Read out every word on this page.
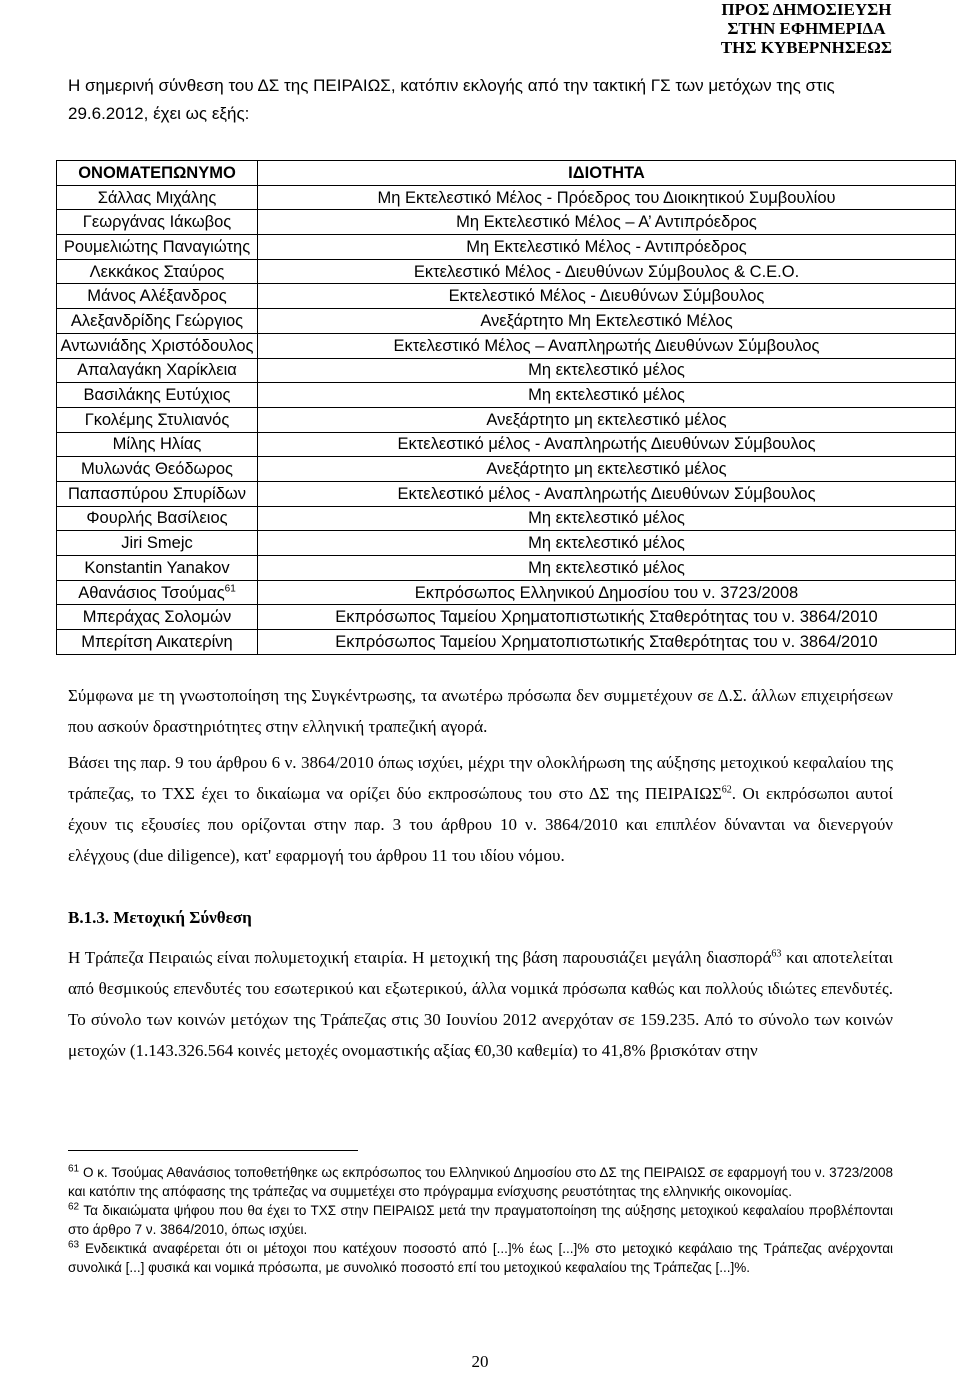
ΠΡΟΣ ΔΗΜΟΣΙΕΥΣΗ
ΣΤΗΝ ΕΦΗΜΕΡΙΔΑ
ΤΗΣ ΚΥΒΕΡΝΗΣΕΩΣ
Η σημερινή σύνθεση του ΔΣ της ΠΕΙΡΑΙΩΣ, κατόπιν εκλογής από την τακτική ΓΣ των μετόχων της στις 29.6.2012, έχει ως εξής:
ΟΝΟΜΑΤΕΠΩΝΥΜΟ	ΙΔΙΟΤΗΤΑ
Σάλλας Μιχάλης	Μη Εκτελεστικό Μέλος - Πρόεδρος του Διοικητικού Συμβουλίου
Γεωργάνας Ιάκωβος	Μη Εκτελεστικό Μέλος – Α’ Αντιπρόεδρος
Ρουμελιώτης Παναγιώτης	Μη Εκτελεστικό Μέλος - Αντιπρόεδρος
Λεκκάκος Σταύρος	Εκτελεστικό Μέλος - Διευθύνων Σύμβουλος & C.E.O.
Μάνος Αλέξανδρος	Εκτελεστικό Μέλος - Διευθύνων Σύμβουλος
Αλεξανδρίδης Γεώργιος	Ανεξάρτητο Μη Εκτελεστικό Μέλος
Αντωνιάδης Χριστόδουλος	Εκτελεστικό Μέλος – Αναπληρωτής Διευθύνων Σύμβουλος
Απαλαγάκη Χαρίκλεια	Μη εκτελεστικό μέλος
Βασιλάκης Ευτύχιος	Μη εκτελεστικό μέλος
Γκολέμης Στυλιανός	Ανεξάρτητο μη εκτελεστικό μέλος
Μίλης Ηλίας	Εκτελεστικό μέλος - Αναπληρωτής Διευθύνων Σύμβουλος
Μυλωνάς Θεόδωρος	Ανεξάρτητο μη εκτελεστικό μέλος
Παπασπύρου Σπυρίδων	Εκτελεστικό μέλος - Αναπληρωτής Διευθύνων Σύμβουλος
Φουρλής Βασίλειος	Μη εκτελεστικό μέλος
Jiri Smejc	Μη εκτελεστικό μέλος
Konstantin Yanakov	Μη εκτελεστικό μέλος
Αθανάσιος Τσούμας$^{61}$	Εκπρόσωπος Ελληνικού Δημοσίου του ν. 3723/2008
Μπεράχας Σολομών	Εκπρόσωπος Ταμείου Χρηματοπιστωτικής Σταθερότητας του ν. 3864/2010
Μπερίτση Αικατερίνη	Εκπρόσωπος Ταμείου Χρηματοπιστωτικής Σταθερότητας του ν. 3864/2010
Σύμφωνα με τη γνωστοποίηση της Συγκέντρωσης, τα ανωτέρω πρόσωπα δεν συμμετέχουν σε Δ.Σ. άλλων επιχειρήσεων που ασκούν δραστηριότητες στην ελληνική τραπεζική αγορά.
Βάσει της παρ. 9 του άρθρου 6 ν. 3864/2010 όπως ισχύει, μέχρι την ολοκλήρωση της αύξησης μετοχικού κεφαλαίου της τράπεζας, το ΤΧΣ έχει το δικαίωμα να ορίζει δύο εκπροσώπους του στο ΔΣ της ΠΕΙΡΑΙΩΣ$^{62}$. Οι εκπρόσωποι αυτοί έχουν τις εξουσίες που ορίζονται στην παρ. 3 του άρθρου 10 ν. 3864/2010 και επιπλέον δύνανται να διενεργούν ελέγχους (due diligence), κατ' εφαρμογή του άρθρου 11 του ιδίου νόμου.
Β.1.3. Μετοχική Σύνθεση
Η Τράπεζα Πειραιώς είναι πολυμετοχική εταιρία. Η μετοχική της βάση παρουσιάζει μεγάλη διασπορά$^{63}$ και αποτελείται από θεσμικούς επενδυτές του εσωτερικού και εξωτερικού, άλλα νομικά πρόσωπα καθώς και πολλούς ιδιώτες επενδυτές. Το σύνολο των κοινών μετόχων της Τράπεζας στις 30 Ιουνίου 2012 ανερχόταν σε 159.235. Από το σύνολο των κοινών μετοχών (1.143.326.564 κοινές μετοχές ονομαστικής αξίας €0,30 καθεμία) το 41,8% βρισκόταν στην

$^{61}$ Ο κ. Τσούμας Αθανάσιος τοποθετήθηκε ως εκπρόσωπος του Ελληνικού Δημοσίου στο ΔΣ της ΠΕΙΡΑΙΩΣ σε εφαρμογή του ν. 3723/2008 και κατόπιν της απόφασης της τράπεζας να συμμετέχει στο πρόγραμμα ενίσχυσης ρευστότητας της ελληνικής οικονομίας.

$^{62}$ Τα δικαιώματα ψήφου που θα έχει το ΤΧΣ στην ΠΕΙΡΑΙΩΣ μετά την πραγματοποίηση της αύξησης μετοχικού κεφαλαίου προβλέπονται στο άρθρο 7 ν. 3864/2010, όπως ισχύει.

$^{63}$ Ενδεικτικά αναφέρεται ότι οι μέτοχοι που κατέχουν ποσοστό από [...]% έως [...]% στο μετοχικό κεφάλαιο της Τράπεζας ανέρχονται συνολικά [...] φυσικά και νομικά πρόσωπα, με συνολικό ποσοστό επί του μετοχικού κεφαλαίου της Τράπεζας [...]%.

20
